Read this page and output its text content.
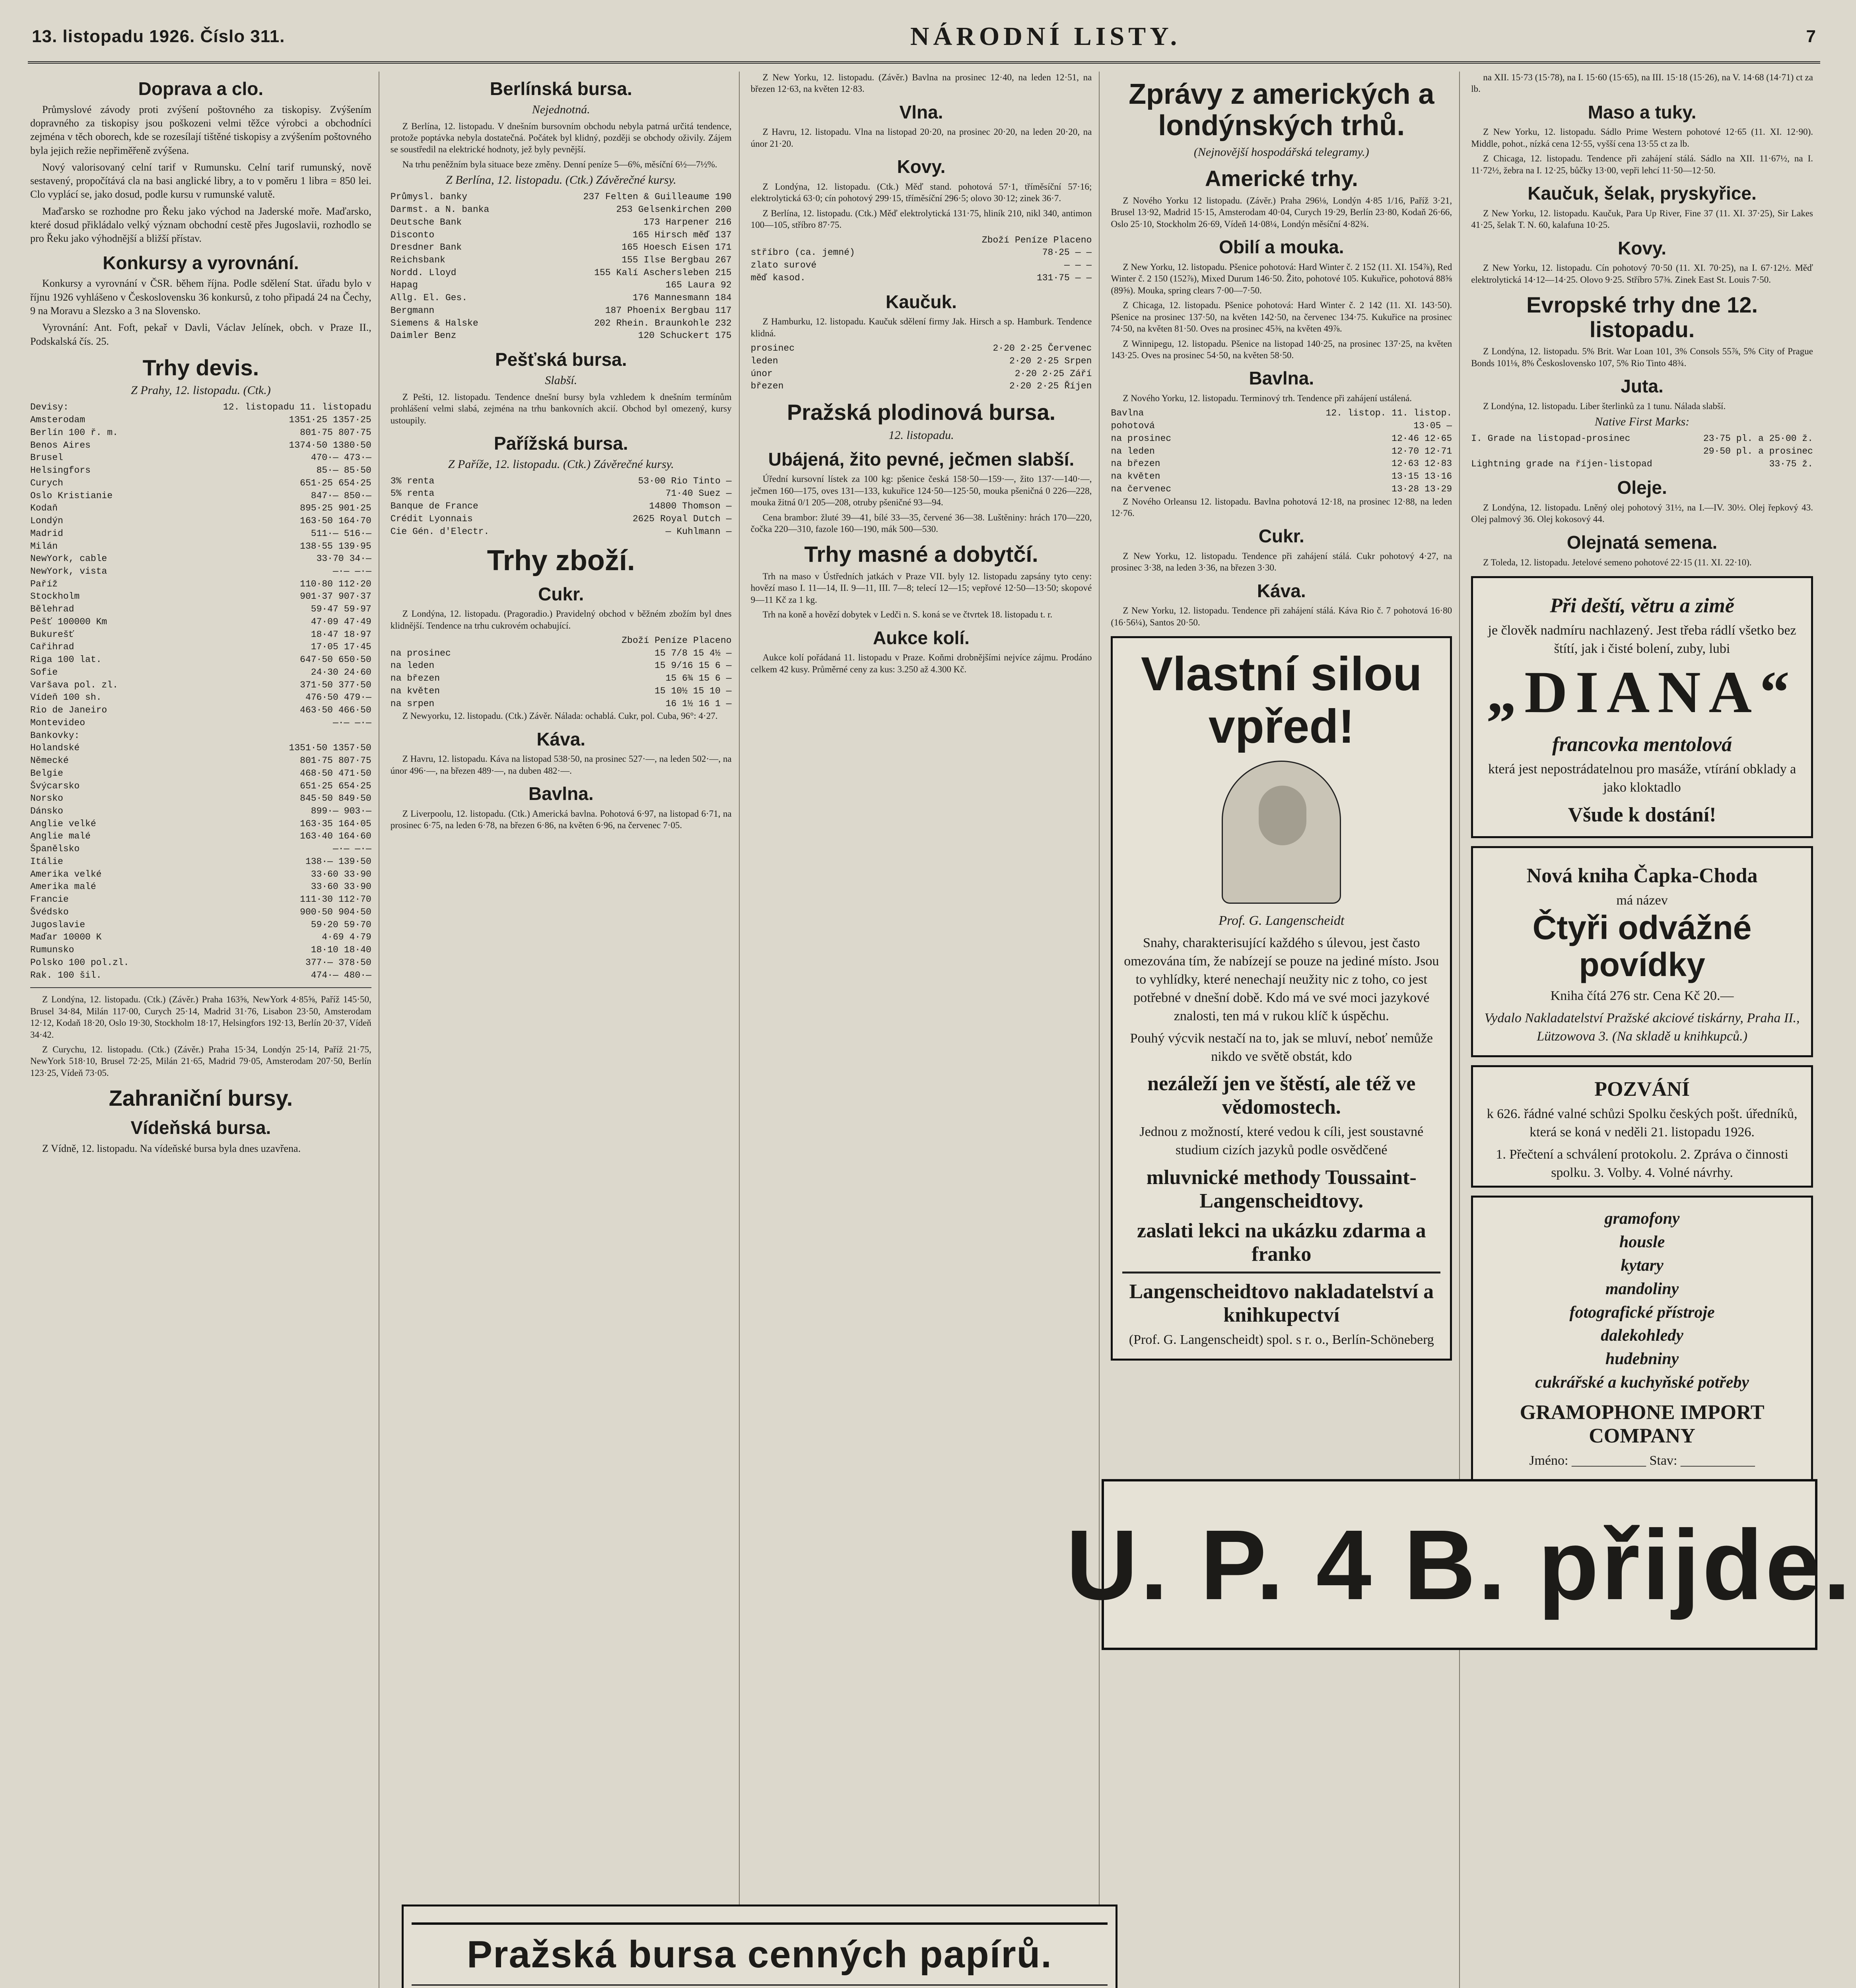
13. listopadu 1926. Číslo 311.	NÁRODNÍ LISTY.	7
Doprava a clo.
Průmyslové závody proti zvýšení poštovného za tiskopisy. Zvýšením dopravného za tiskopisy jsou poškozeni velmi těžce výrobci a obchodníci zejména v těch oborech, kde se rozesílají tištěné tiskopisy a zvýšením poštovného byla jejich režie nepřiměřeně zvýšena.
Nový valorisovaný celní tarif v Rumunsku. Celní tarif rumunský, nově sestavený, propočítává cla na basi anglické libry, a to v poměru 1 libra = 850 lei. Clo vyplácí se, jako dosud, podle kursu v rumunské valutě.
Maďarsko se rozhodne pro Řeku jako východ na Jaderské moře. Maďarsko, které dosud přikládalo velký význam obchodní cestě přes Jugoslavii, rozhodlo se pro Řeku jako výhodnější a bližší přístav.
Konkursy a vyrovnání.
Konkursy a vyrovnání v ČSR. během října. Podle sdělení Stat. úřadu bylo v říjnu 1926 vyhlášeno v Československu 36 konkursů, z toho připadá 24 na Čechy, 9 na Moravu a Slezsko a 3 na Slovensko.
Vyrovnání: Ant. Foft, pekař v Davli, Václav Jelínek, obch. v Praze II., Podskalská čís. 25.
Trhy devis.
Z Prahy, 12. listopadu. (Ctk.)
Devisy:	12. listopadu 11. listopadu
Amsterodam	1351·25 1357·25
Berlín 100 ř. m.	801·75 807·75
Benos Aires	1374·50 1380·50
Brusel	470·— 473·—
Helsingfors	85·— 85·50
Curych	651·25 654·25
Oslo Kristianie	847·— 850·—
Kodaň	895·25 901·25
Londýn	163·50 164·70
Madrid	511·— 516·—
Milán	138·55 139·95
NewYork, cable	33·70 34·—
NewYork, vista	—·— —·—
Paříž	110·80 112·20
Stockholm	901·37 907·37
Bělehrad	59·47 59·97
Pešť 100000 Km	47·09 47·49
Bukurešť	18·47 18·97
Cařihrad	17·05 17·45
Riga 100 lat.	647·50 650·50
Sofie	24·30 24·60
Varšava pol. zl.	371·50 377·50
Vídeň 100 sh.	476·50 479·—
Rio de Janeiro	463·50 466·50
Montevideo	—·— —·—
Bankovky:
Holandské	1351·50 1357·50
Německé	801·75 807·75
Belgie	468·50 471·50
Švýcarsko	651·25 654·25
Norsko	845·50 849·50
Dánsko	899·— 903·—
Anglie velké	163·35 164·05
Anglie malé	163·40 164·60
Španělsko	—·— —·—
Itálie	138·— 139·50
Amerika velké	33·60 33·90
Amerika malé	33·60 33·90
Francie	111·30 112·70
Švédsko	900·50 904·50
Jugoslavie	59·20 59·70
Maďar 10000 K	4·69 4·79
Rumunsko	18·10 18·40
Polsko 100 pol.zl.	377·— 378·50
Rak. 100 šil.	474·— 480·—
Z Londýna, 12. listopadu. (Ctk.) (Závěr.) Praha 163⅝, NewYork 4·85⅝, Paříž 145·50, Brusel 34·84, Milán 117·00, Curych 25·14, Madrid 31·76, Lisabon 23·50, Amsterodam 12·12, Kodaň 18·20, Oslo 19·30, Stockholm 18·17, Helsingfors 192·13, Berlín 20·37, Vídeň 34·42.
Z Curychu, 12. listopadu. (Ctk.) (Závěr.) Praha 15·34, Londýn 25·14, Paříž 21·75, NewYork 518·10, Brusel 72·25, Milán 21·65, Madrid 79·05, Amsterodam 207·50, Berlín 123·25, Vídeň 73·05.
Zahraniční bursy.
Vídeňská bursa.
Z Vídně, 12. listopadu. Na vídeňské bursa byla dnes uzavřena.
Berlínská bursa.
Nejednotná.
Z Berlína, 12. listopadu. V dnešním bursovním obchodu nebyla patrná určitá tendence, protože poptávka nebyla dostatečná. Počátek byl klidný, později se obchody oživily. Zájem se soustředil na elektrické hodnoty, jež byly pevnější.
Na trhu peněžním byla situace beze změny. Denní peníze 5—6%, měsíční 6½—7½%.
Z Berlína, 12. listopadu. (Ctk.) Závěrečné kursy.
Průmysl. banky	237 Felten & Guilleaume 190
Darmst. a N. banka	253 Gelsenkirchen 200
Deutsche Bank	173 Harpener 216
Disconto	165 Hirsch měď 137
Dresdner Bank	165 Hoesch Eisen 171
Reichsbank	155 Ilse Bergbau 267
Nordd. Lloyd	155 Kalí Aschersleben 215
Hapag	165 Laura 92
Allg. El. Ges.	176 Mannesmann 184
Bergmann	187 Phoenix Bergbau 117
Siemens & Halske	202 Rhein. Braunkohle 232
Daimler Benz	120 Schuckert 175
Pešťská bursa.
Slabší.
Z Pešti, 12. listopadu. Tendence dnešní bursy byla vzhledem k dnešním termínům prohlášení velmi slabá, zejména na trhu bankovních akcií. Obchod byl omezený, kursy ustoupily.
Pařížská bursa.
Z Paříže, 12. listopadu. (Ctk.) Závěrečné kursy.
3% renta	53·00 Rio Tinto —
5% renta	71·40 Suez —
Banque de France	14800 Thomson —
Crédit Lyonnais	2625 Royal Dutch —
Cie Gén. d'Electr.	— Kuhlmann —
Trhy zboží.
Cukr.
Z Londýna, 12. listopadu. (Pragoradio.) Pravidelný obchod v běžném zbožím byl dnes klidnější. Tendence na trhu cukrovém ochabující.
Zboží Peníze Placeno
na prosinec	15 7/8 15 4½ —
na leden	15 9/16 15 6 —
na březen	15 6¾ 15 6 —
na květen	15 10½ 15 10 —
na srpen	16 1½ 16 1 —
Z Newyorku, 12. listopadu. (Ctk.) Závěr. Nálada: ochablá. Cukr, pol. Cuba, 96°: 4·27.
Káva.
Z Havru, 12. listopadu. Káva na listopad 538·50, na prosinec 527·—, na leden 502·—, na únor 496·—, na březen 489·—, na duben 482·—.
Bavlna.
Z Liverpoolu, 12. listopadu. (Ctk.) Americká bavlna. Pohotová 6·97, na listopad 6·71, na prosinec 6·75, na leden 6·78, na březen 6·86, na květen 6·96, na červenec 7·05.
Z New Yorku, 12. listopadu. (Závěr.) Bavlna na prosinec 12·40, na leden 12·51, na březen 12·63, na květen 12·83.
Vlna.
Z Havru, 12. listopadu. Vlna na listopad 20·20, na prosinec 20·20, na leden 20·20, na únor 21·20.
Kovy.
Z Londýna, 12. listopadu. (Ctk.) Měď stand. pohotová 57·1, tříměsíční 57·16; elektrolytická 63·0; cín pohotový 299·15, tříměsíční 296·5; olovo 30·12; zinek 36·7.
Z Berlína, 12. listopadu. (Ctk.) Měď elektrolytická 131·75, hliník 210, nikl 340, antimon 100—105, stříbro 87·75.
Zboží Peníze Placeno
stříbro (ca. jemné)	78·25 — —
zlato surové	— — —
měď kasod.	131·75 — —
Kaučuk.
Z Hamburku, 12. listopadu. Kaučuk sdělení firmy Jak. Hirsch a sp. Hamburk. Tendence klidná.
prosinec	2·20 2·25 Červenec
leden	2·20 2·25 Srpen
únor	2·20 2·25 Září
březen	2·20 2·25 Říjen
Pražská plodinová bursa.
12. listopadu.
Ubájená, žito pevné, ječmen slabší.
Úřední kursovní lístek za 100 kg: pšenice česká 158·50—159·—, žito 137·—140·—, ječmen 160—175, oves 131—133, kukuřice 124·50—125·50, mouka pšeničná 0 226—228, mouka žitná 0/1 205—208, otruby pšeničné 93—94.
Cena brambor: žluté 39—41, bílé 33—35, červené 36—38. Luštěniny: hrách 170—220, čočka 220—310, fazole 160—190, mák 500—530.
Trhy masné a dobytčí.
Trh na maso v Ústředních jatkách v Praze VII. byly 12. listopadu zapsány tyto ceny: hovězí maso I. 11—14, II. 9—11, III. 7—8; telecí 12—15; vepřové 12·50—13·50; skopové 9—11 Kč za 1 kg.
Trh na koně a hovězí dobytek v Ledči n. S. koná se ve čtvrtek 18. listopadu t. r.
Aukce kolí.
Aukce kolí pořádaná 11. listopadu v Praze. Koňmi drobnějšími nejvíce zájmu. Prodáno celkem 42 kusy. Průměrné ceny za kus: 3.250 až 4.300 Kč.
Zprávy z amerických a londýnských trhů.
(Nejnovější hospodářská telegramy.)
Americké trhy.
Z Nového Yorku 12 listopadu. (Závěr.) Praha 296⅛, Londýn 4·85 1/16, Paříž 3·21, Brusel 13·92, Madrid 15·15, Amsterodam 40·04, Curych 19·29, Berlín 23·80, Kodaň 26·66, Oslo 25·10, Stockholm 26·69, Vídeň 14·08¼, Londýn měsíční 4·82¾.
Obilí a mouka.
Z New Yorku, 12. listopadu. Pšenice pohotová: Hard Winter č. 2 152 (11. XI. 154⅞), Red Winter č. 2 150 (152⅞), Mixed Durum 146·50. Žito, pohotové 105. Kukuřice, pohotová 88⅝ (89⅝). Mouka, spring clears 7·00—7·50.
Z Chicaga, 12. listopadu. Pšenice pohotová: Hard Winter č. 2 142 (11. XI. 143·50). Pšenice na prosinec 137·50, na květen 142·50, na červenec 134·75. Kukuřice na prosinec 74·50, na květen 81·50. Oves na prosinec 45⅜, na květen 49⅞.
Z Winnipegu, 12. listopadu. Pšenice na listopad 140·25, na prosinec 137·25, na květen 143·25. Oves na prosinec 54·50, na květen 58·50.
Bavlna.
Z Nového Yorku, 12. listopadu. Terminový trh. Tendence při zahájení ustálená.
Bavlna	12. listop. 11. listop.
pohotová	13·05 —
na prosinec	12·46 12·65
na leden	12·70 12·71
na březen	12·63 12·83
na květen	13·15 13·16
na červenec	13·28 13·29
Z Nového Orleansu 12. listopadu. Bavlna pohotová 12·18, na prosinec 12·88, na leden 12·76.
Cukr.
Z New Yorku, 12. listopadu. Tendence při zahájení stálá. Cukr pohotový 4·27, na prosinec 3·38, na leden 3·36, na březen 3·30.
Káva.
Z New Yorku, 12. listopadu. Tendence při zahájení stálá. Káva Rio č. 7 pohotová 16·80 (16·56¼), Santos 20·50.
Vlastní silou vpřed!
Prof. G. Langenscheidt
Snahy, charakterisující každého s úlevou, jest často omezována tím, že nabízejí se pouze na jediné místo. Jsou to vyhlídky, které nenechají neužity nic z toho, co jest potřebné v dnešní době. Kdo má ve své moci jazykové znalosti, ten má v rukou klíč k úspěchu.
Pouhý výcvik nestačí na to, jak se mluví, neboť nemůže nikdo ve světě obstát, kdo
nezáleží jen ve štěstí, ale též ve vědomostech.
Jednou z možností, které vedou k cíli, jest soustavné studium cizích jazyků podle osvědčené
mluvnické methody Toussaint-Langenscheidtovy.
zaslati lekci na ukázku zdarma a franko
Langenscheidtovo nakladatelství a knihkupectví
(Prof. G. Langenscheidt) spol. s r. o., Berlín-Schöneberg
na XII. 15·73 (15·78), na I. 15·60 (15·65), na III. 15·18 (15·26), na V. 14·68 (14·71) ct za lb.
Maso a tuky.
Z New Yorku, 12. listopadu. Sádlo Prime Western pohotové 12·65 (11. XI. 12·90). Middle, pohot., nízká cena 12·55, vyšší cena 13·55 ct za lb.
Z Chicaga, 12. listopadu. Tendence při zahájení stálá. Sádlo na XII. 11·67½, na I. 11·72½, žebra na I. 12·25, bůčky 13·00, vepři lehcí 11·50—12·50.
Kaučuk, šelak, pryskyřice.
Z New Yorku, 12. listopadu. Kaučuk, Para Up River, Fine 37 (11. XI. 37·25), Sir Lakes 41·25, šelak T. N. 60, kalafuna 10·25.
Kovy.
Z New Yorku, 12. listopadu. Cín pohotový 70·50 (11. XI. 70·25), na I. 67·12½. Měď elektrolytická 14·12—14·25. Olovo 9·25. Stříbro 57⅜. Zinek East St. Louis 7·50.
Evropské trhy dne 12. listopadu.
Z Londýna, 12. listopadu. 5% Brit. War Loan 101, 3% Consols 55⅞, 5% City of Prague Bonds 101⅛, 8% Československo 107, 5% Rio Tinto 48¾.
Juta.
Z Londýna, 12. listopadu. Liber šterlinků za 1 tunu. Nálada slabší.
Native First Marks:
I. Grade na listopad-prosinec	23·75 pl. a 25·00 ž.
29·50 pl. a prosinec
Lightning grade na říjen-listopad	33·75 ž.
Oleje.
Z Londýna, 12. listopadu. Lněný olej pohotový 31½, na I.—IV. 30½. Olej řepkový 43. Olej palmový 36. Olej kokosový 44.
Olejnatá semena.
Z Toleda, 12. listopadu. Jetelové semeno pohotové 22·15 (11. XI. 22·10).
Při deští, větru a zimě
je člověk nadmíru nachlazený. Jest třeba rádlí všetko bez štítí, jak i čisté bolení, zuby, lubi
„DIANA“
francovka mentolová
která jest nepostrádatelnou pro masáže, vtírání obklady a jako kloktadlo
Všude k dostání!
Nová kniha Čapka-Choda
má název
Čtyři odvážné povídky
Kniha čítá 276 str. Cena Kč 20.—
Vydalo Nakladatelství Pražské akciové tiskárny, Praha II., Lützowova 3. (Na skladě u knihkupců.)
POZVÁNÍ
k 626. řádné valné schůzi Spolku českých pošt. úředníků, která se koná v neděli 21. listopadu 1926.
1. Přečtení a schválení protokolu. 2. Zpráva o činnosti spolku. 3. Volby. 4. Volné návrhy.
gramofony
housle
kytary
mandoliny
fotografické přístroje
dalekohledy
hudebniny
cukrářské a kuchyňské potřeby
GRAMOPHONE IMPORT COMPANY
Jméno: ___________ Stav: ___________
U. P. 4 B. přijde.
Pražská bursa cenných papírů.
